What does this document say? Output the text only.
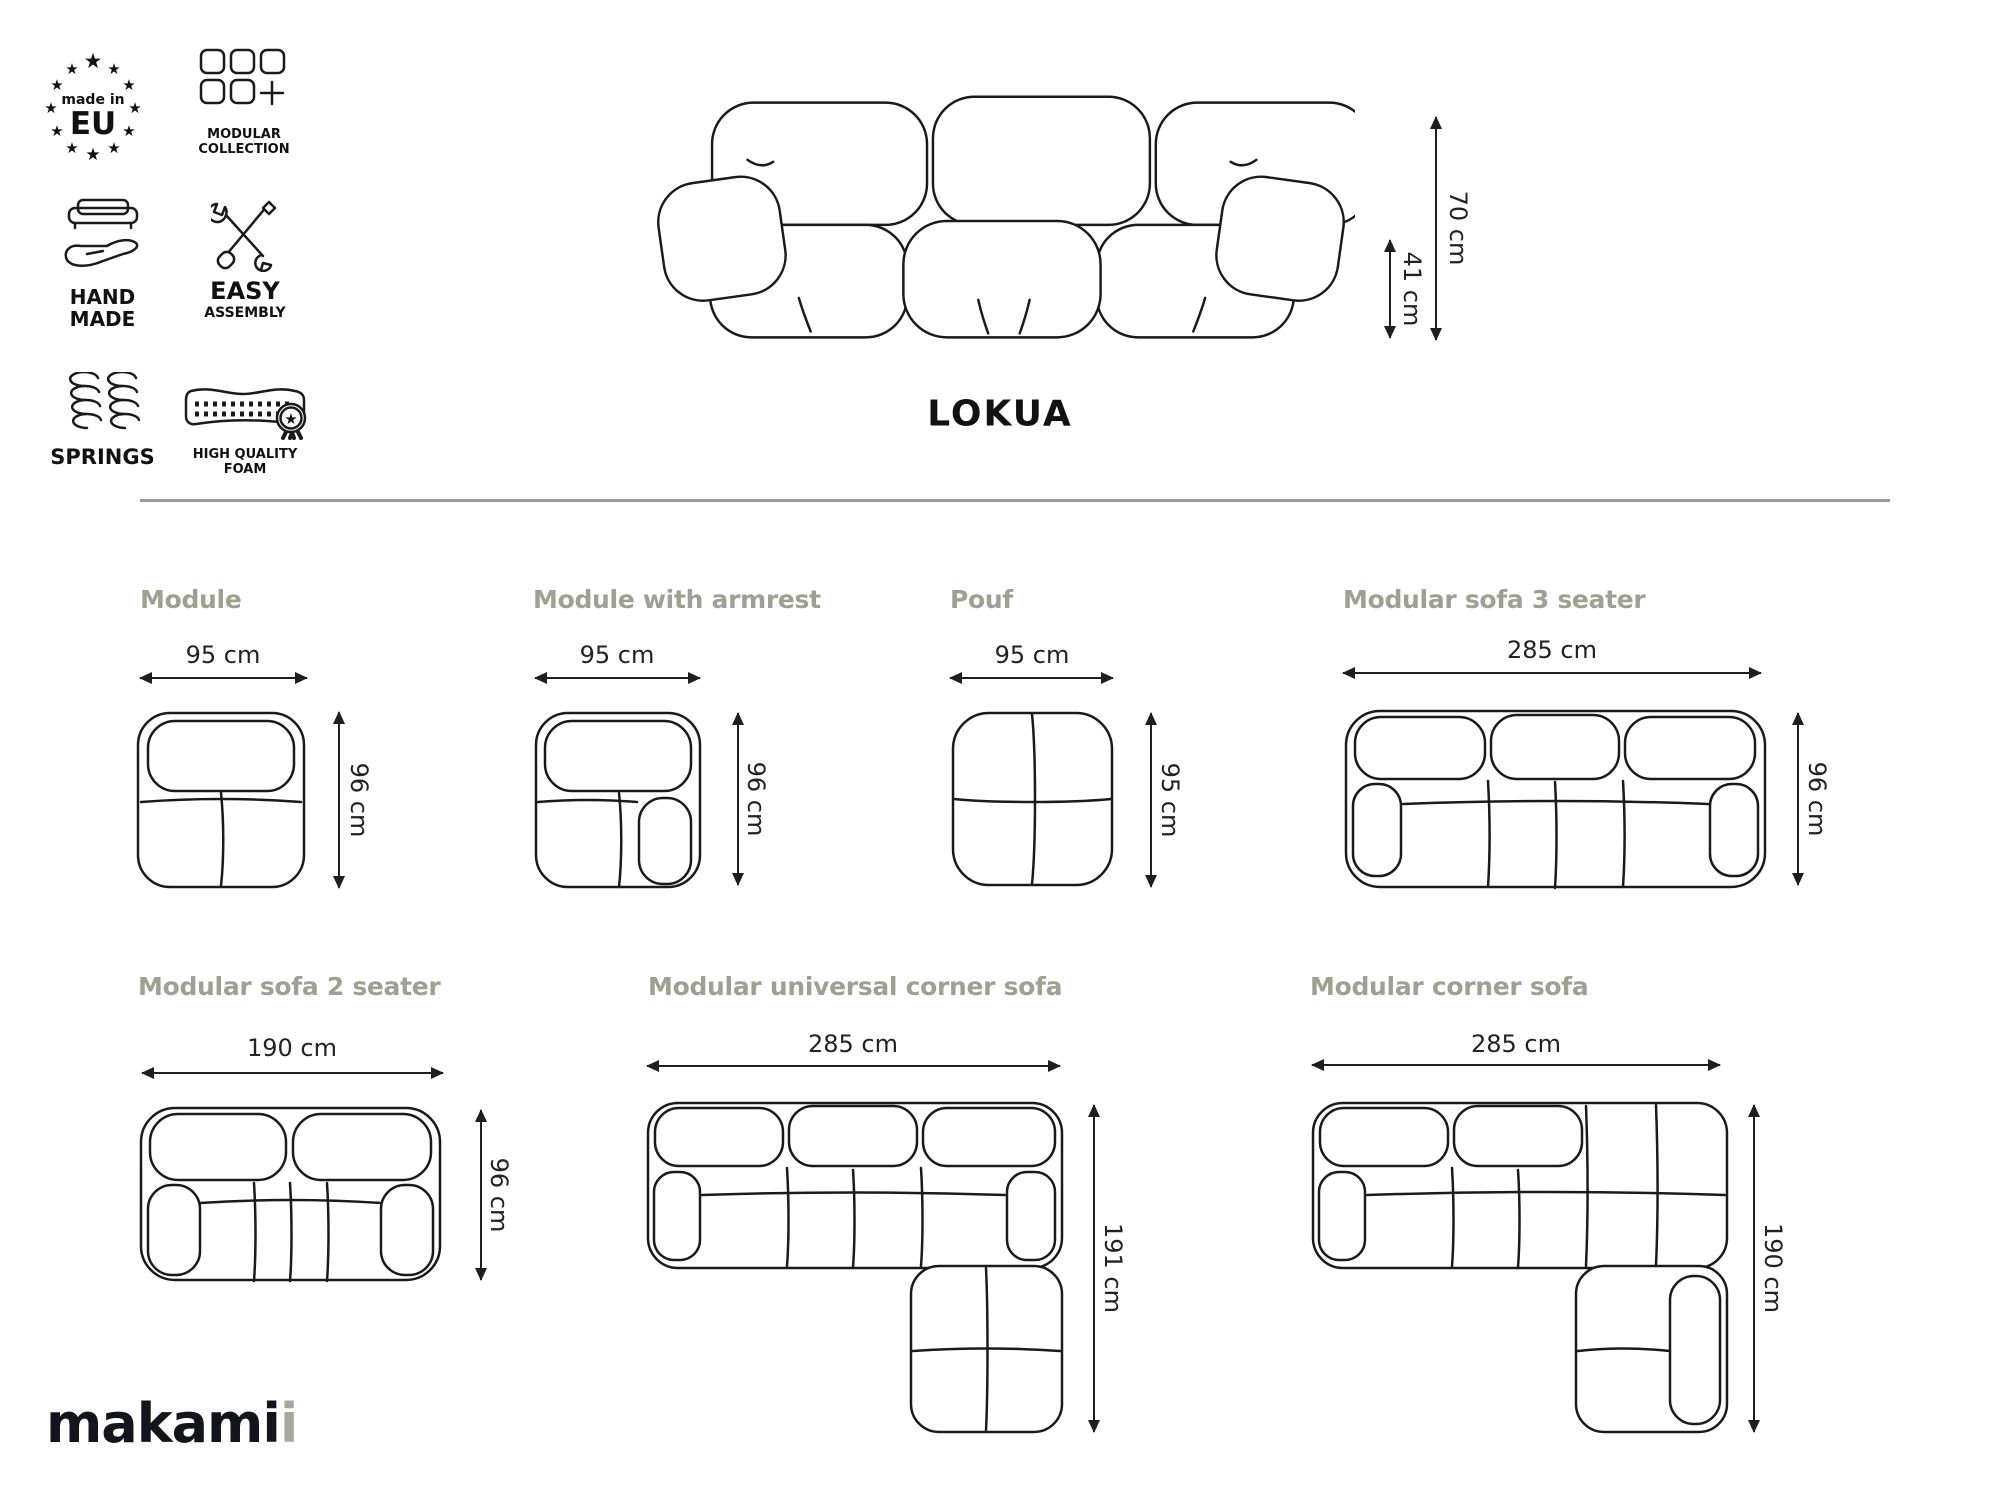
★ ★
★
★
★
★
★
★
★
★
★
★
made in
EU	MODULAR
COLLECTION
HAND
MADE
EASY
ASSEMBLY
SPRINGS
★
HIGH QUALITY
FOAM
70 cm
41 cm
LOKUA
Module
95 cm
96 cm
Module with armrest
95 cm
96 cm
Pouf
95 cm
95 cm
Modular sofa 3 seater
285 cm
96 cm
Modular sofa 2 seater
190 cm
96 cm
Modular universal corner sofa
285 cm
191 cm
Modular corner sofa
285 cm
190 cm
makamii
